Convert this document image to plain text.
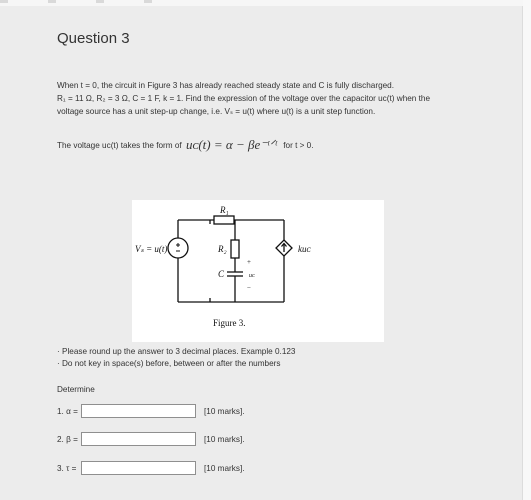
Question 3
When t = 0, the circuit in Figure 3 has already reached steady state and C is fully discharged.
R₁ = 11 Ω, R₂ = 3 Ω, C = 1 F, k = 1. Find the expression of the voltage over the capacitor uᴄ(t) when the
voltage source has a unit step-up change, i.e. Vₛ = u(t) where u(t) is a unit step function.
The voltage uᴄ(t) takes the form of uᴄ(t) = α − βe⁻ᵗᐟᵗ for t > 0.
R₁
R₂
C	uᴄ
+
−
Vₛ = u(t)	kuᴄ
Figure 3.
· Please round up the answer to 3 decimal places. Example 0.123
· Do not key in space(s) before, between or after the numbers
Determine
1. α =	[10 marks].
2. β =	[10 marks].
3. τ =	[10 marks].
